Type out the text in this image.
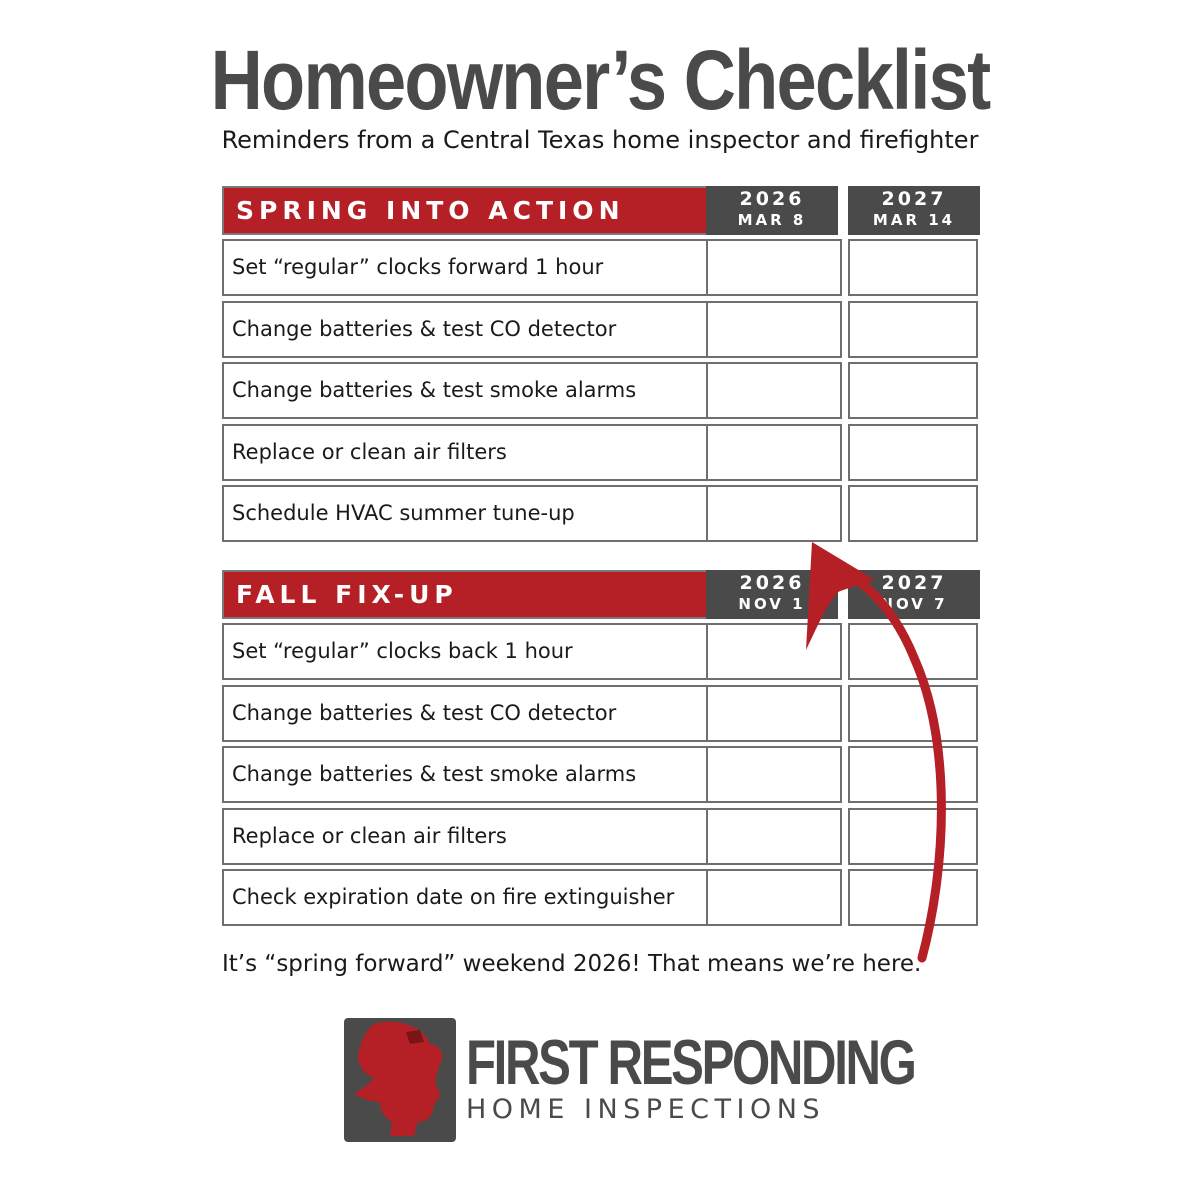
Homeowner’s Checklist
Reminders from a Central Texas home inspector and firefighter
SPRING INTO ACTION	2026
MAR 8
2027
MAR 14
Set “regular” clocks forward 1 hour
Change batteries & test CO detector
Change batteries & test smoke alarms
Replace or clean air filters
Schedule HVAC summer tune-up
FALL FIX-UP	2026
NOV 1
2027
NOV 7
Set “regular” clocks back 1 hour
Change batteries & test CO detector
Change batteries & test smoke alarms
Replace or clean air filters
Check expiration date on fire extinguisher
It’s “spring forward” weekend 2026! That means we’re here.
FIRST RESPONDING
HOME INSPECTIONS
